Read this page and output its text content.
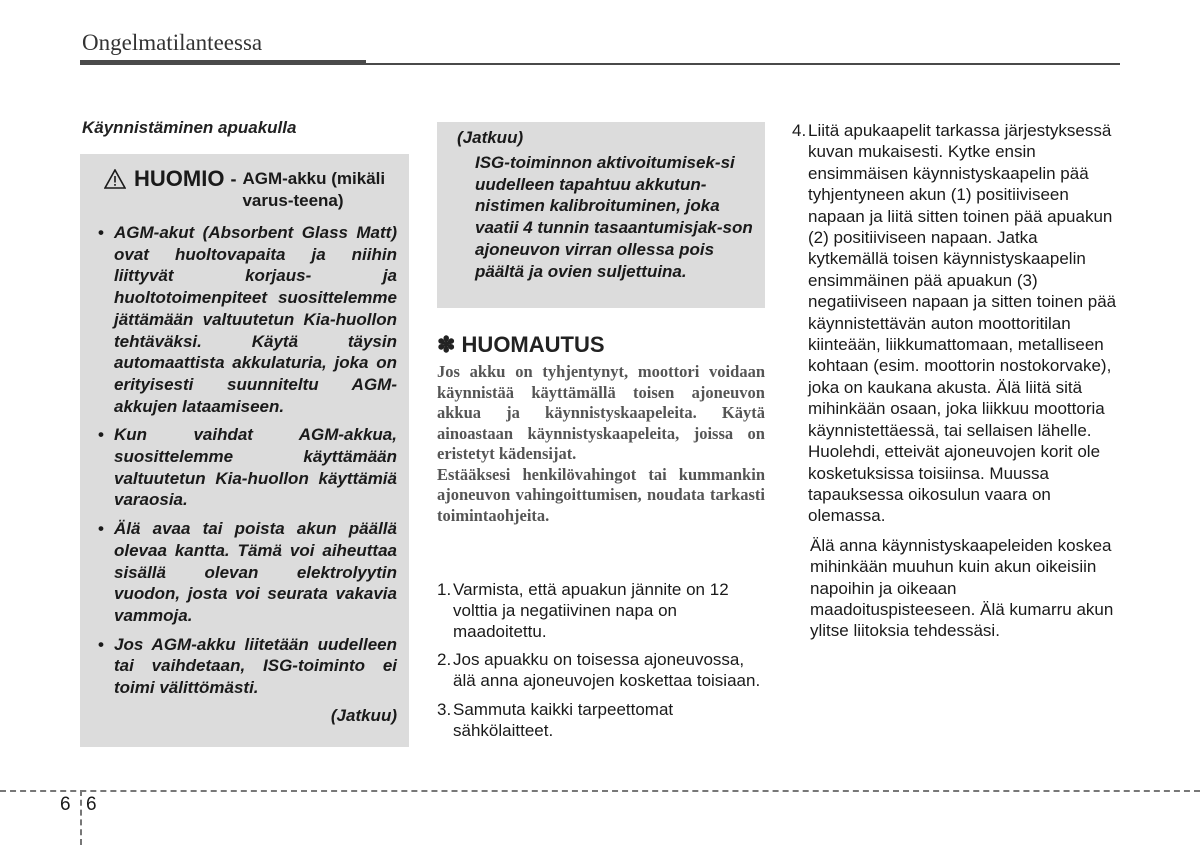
Ongelmatilanteessa
Käynnistäminen apuakulla
HUOMIO - AGM-akku (mikäli varus-teena)
• AGM-akut (Absorbent Glass Matt) ovat huoltovapaita ja niihin liittyvät korjaus- ja huoltotoimenpiteet suosittelemme jättämään valtuutetun Kia-huollon tehtäväksi. Käytä täysin automaattista akkulaturia, joka on erityisesti suunniteltu AGM-akkujen lataamiseen.
• Kun vaihdat AGM-akkua, suosittelemme käyttämään valtuutetun Kia-huollon käyttämiä varaosia.
• Älä avaa tai poista akun päällä olevaa kantta. Tämä voi aiheuttaa sisällä olevan elektrolyytin vuodon, josta voi seurata vakavia vammoja.
• Jos AGM-akku liitetään uudelleen tai vaihdetaan, ISG-toiminto ei toimi välittömästi.
(Jatkuu)
(Jatkuu)
ISG-toiminnon aktivoitumisek-si uudelleen tapahtuu akkutun-nistimen kalibroituminen, joka vaatii 4 tunnin tasaantumisjak-son ajoneuvon virran ollessa pois päältä ja ovien suljettuina.
✽ HUOMAUTUS

Jos akku on tyhjentynyt, moottori voidaan käynnistää käyttämällä toisen ajoneuvon akkua ja käynnistyskaapeleita. Käytä ainoastaan käynnistyskaapeleita, joissa on eristetyt kädensijat.

Estääksesi henkilövahingot tai kummankin ajoneuvon vahingoittumisen, noudata tarkasti toimintaohjeita.

1. Varmista, että apuakun jännite on 12 volttia ja negatiivinen napa on maadoitettu.
2. Jos apuakku on toisessa ajoneuvossa, älä anna ajoneuvojen koskettaa toisiaan.
3. Sammuta kaikki tarpeettomat sähkölaitteet.
4. Liitä apukaapelit tarkassa järjestyksessä kuvan mukaisesti. Kytke ensin ensimmäisen käynnistyskaapelin pää tyhjentyneen akun (1) positiiviseen napaan ja liitä sitten toinen pää apuakun (2) positiiviseen napaan. Jatka kytkemällä toisen käynnistyskaapelin ensimmäinen pää apuakun (3) negatiiviseen napaan ja sitten toinen pää käynnistettävän auton moottoritilan kiinteään, liikkumattomaan, metalliseen kohtaan (esim. moottorin nostokorvake), joka on kaukana akusta. Älä liitä sitä mihinkään osaan, joka liikkuu moottoria käynnistettäessä, tai sellaisen lähelle. Huolehdi, etteivät ajoneuvojen korit ole kosketuksissa toisiinsa. Muussa tapauksessa oikosulun vaara on olemassa.
Älä anna käynnistyskaapeleiden koskea mihinkään muuhun kuin akun oikeisiin napoihin ja oikeaan maadoituspisteeseen. Älä kumarru akun ylitse liitoksia tehdessäsi.
6 6
